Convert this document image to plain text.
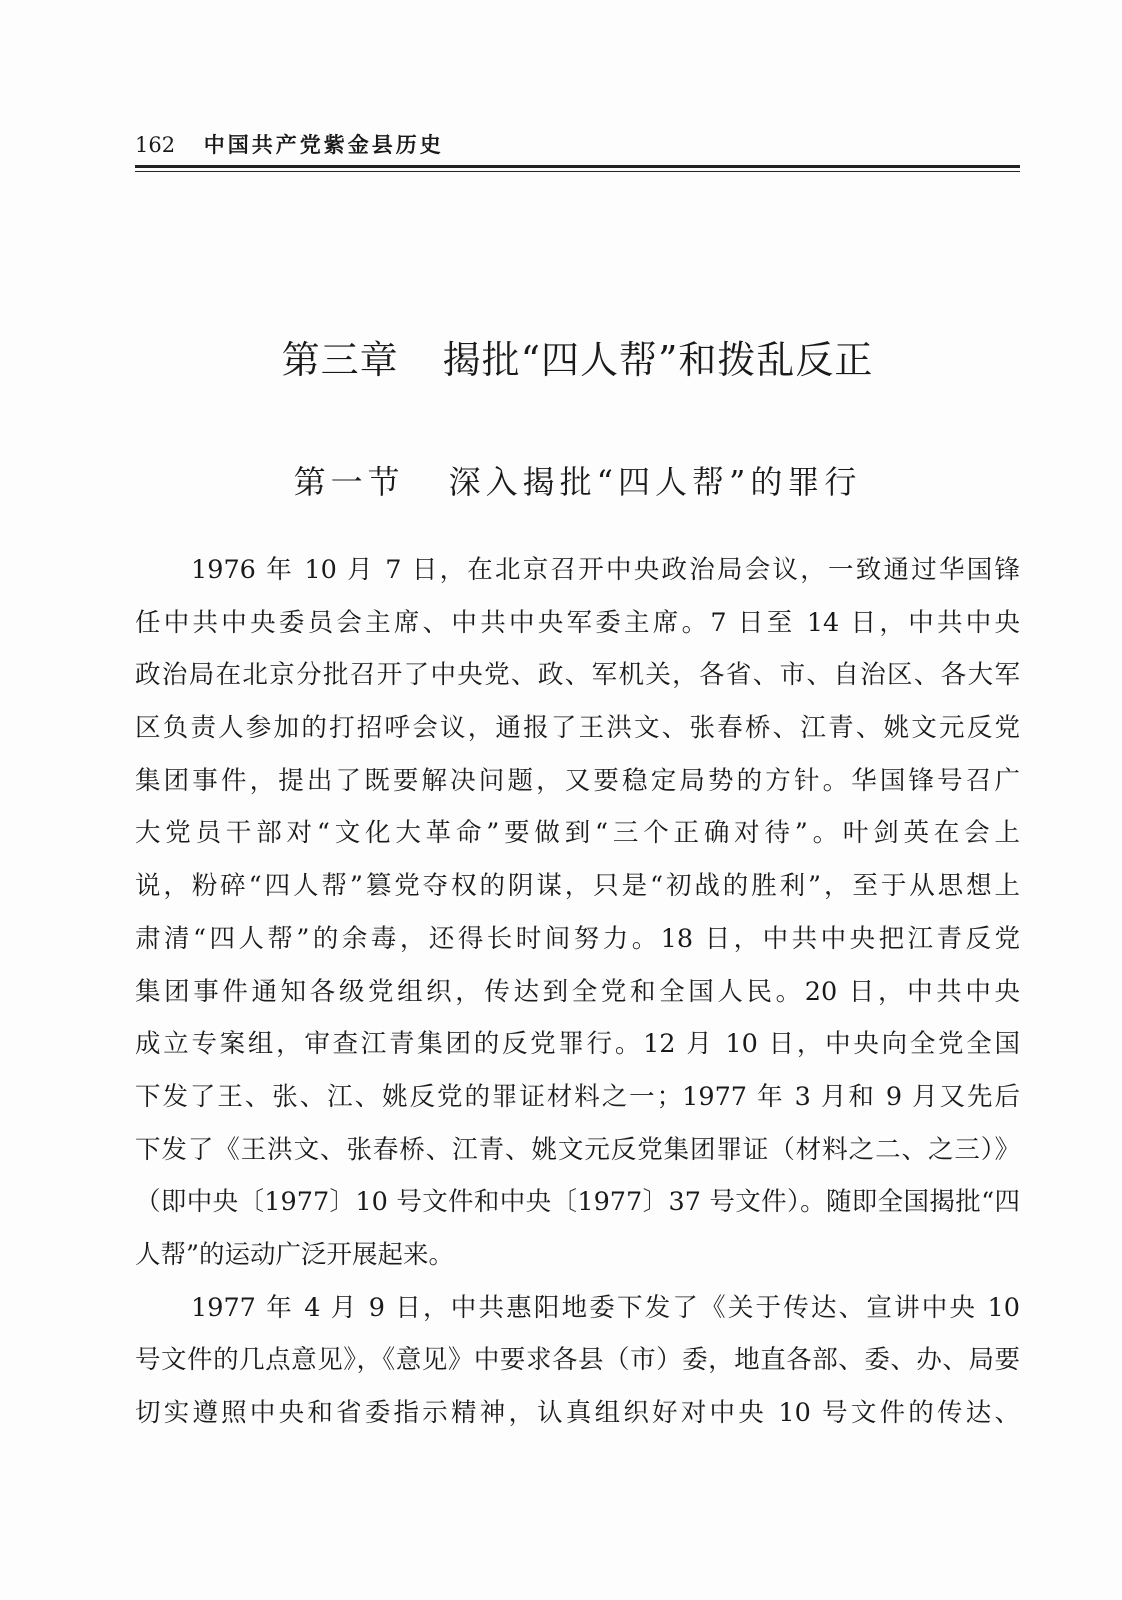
162 中国共产党紫金县历史
第三章 揭批“四人帮”和拨乱反正
第一节 深入揭批“四人帮”的罪行
1976 年 10 月 7 日，在北京召开中央政治局会议，一致通过华国锋
任中共中央委员会主席、中共中央军委主席。7 日至 14 日，中共中央
政治局在北京分批召开了中央党、政、军机关，各省、市、自治区、各大军
区负责人参加的打招呼会议，通报了王洪文、张春桥、江青、姚文元反党
集团事件，提出了既要解决问题，又要稳定局势的方针。华国锋号召广
大党员干部对“文化大革命”要做到“三个正确对待”。叶剑英在会上
说，粉碎“四人帮”篡党夺权的阴谋，只是“初战的胜利”，至于从思想上
肃清“四人帮”的余毒，还得长时间努力。18 日，中共中央把江青反党
集团事件通知各级党组织，传达到全党和全国人民。20 日，中共中央
成立专案组，审查江青集团的反党罪行。12 月 10 日，中央向全党全国
下发了王、张、江、姚反党的罪证材料之一；1977 年 3 月和 9 月又先后
下发了《王洪文、张春桥、江青、姚文元反党集团罪证（材料之二、之三）》
（即中央〔1977〕10 号文件和中央〔1977〕37 号文件）。随即全国揭批“四
人帮”的运动广泛开展起来。
1977 年 4 月 9 日，中共惠阳地委下发了《关于传达、宣讲中央 10
号文件的几点意见》，《意见》中要求各县（市）委，地直各部、委、办、局要
切实遵照中央和省委指示精神，认真组织好对中央 10 号文件的传达、
